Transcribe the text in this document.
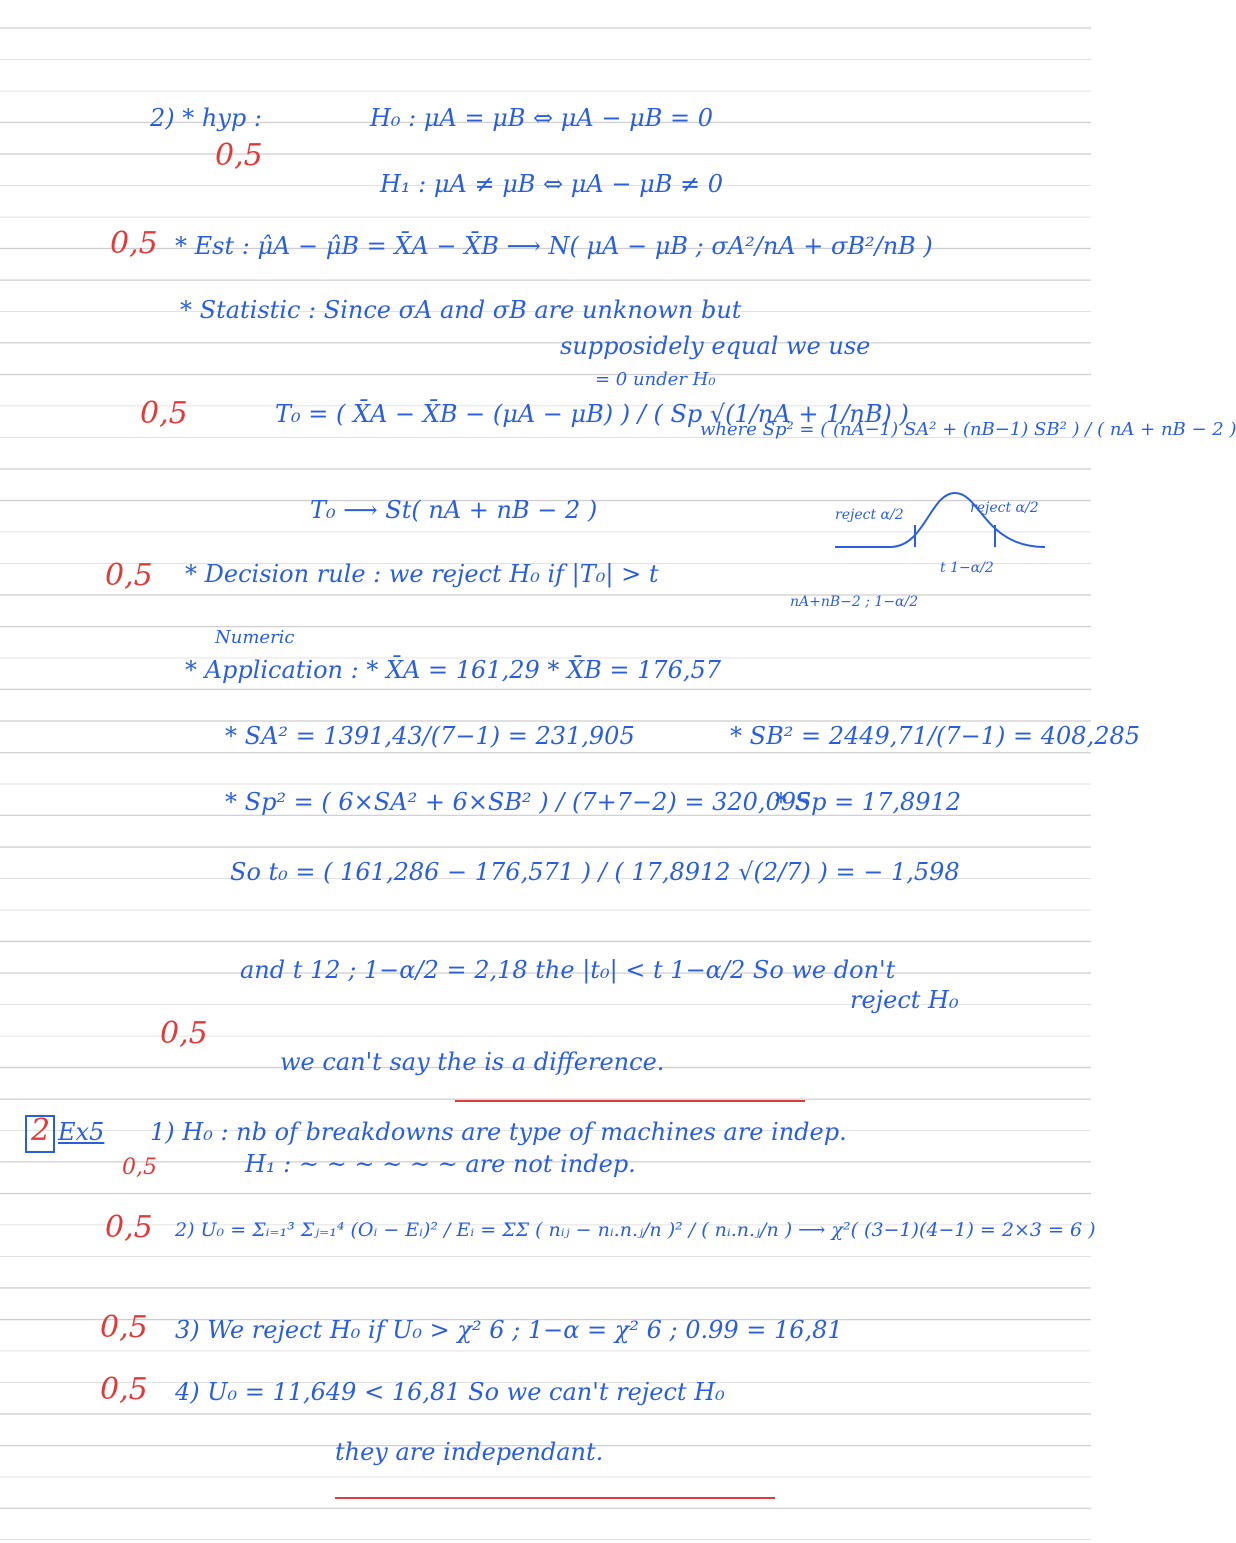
2) * hyp :	H₀ : μA = μB ⇔ μA − μB = 0
0,5
H₁ : μA ≠ μB ⇔ μA − μB ≠ 0
0,5 * Est : μ̂A − μ̂B = X̄A − X̄B ⟶ N( μA − μB ; σA²/nA + σB²/nB )
* Statistic : Since σA and σB are unknown but
supposidely equal we use
= 0 under H₀
0,5	T₀ = ( X̄A − X̄B − (μA − μB) ) / ( Sp √(1/nA + 1/nB) )
where Sp² = ( (nA−1) SA² + (nB−1) SB² ) / ( nA + nB − 2 )
T₀ ⟶ St( nA + nB − 2 )	reject α/2	reject α/2
t 1−α/2
0,5 * Decision rule : we reject H₀ if |T₀| > t
nA+nB−2 ; 1−α/2
Numeric
* Application : * X̄A = 161,29 * X̄B = 176,57
* SA² = 1391,43/(7−1) = 231,905	* SB² = 2449,71/(7−1) = 408,285
* Sp² = ( 6×SA² + 6×SB² ) / (7+7−2) = 320,095
* Sp = 17,8912
So t₀ = ( 161,286 − 176,571 ) / ( 17,8912 √(2/7) ) = − 1,598
and t 12 ; 1−α/2 = 2,18 the |t₀| < t 1−α/2 So we don't
reject H₀
0,5
we can't say the is a difference.
2 Ex5 1) H₀ : nb of breakdowns are type of machines are indep.
0,5	H₁ : ~ ~ ~ ~ ~ ~ are not indep.
0,5 2) U₀ = Σᵢ₌₁³ Σⱼ₌₁⁴ (Oᵢ − Eᵢ)² / Eᵢ = ΣΣ ( nᵢⱼ − nᵢ.n.ⱼ/n )² / ( nᵢ.n.ⱼ/n ) ⟶ χ²( (3−1)(4−1) = 2×3 = 6 )
0,5 3) We reject H₀ if U₀ > χ² 6 ; 1−α = χ² 6 ; 0.99 = 16,81
0,5 4) U₀ = 11,649 < 16,81 So we can't reject H₀
they are independant.
